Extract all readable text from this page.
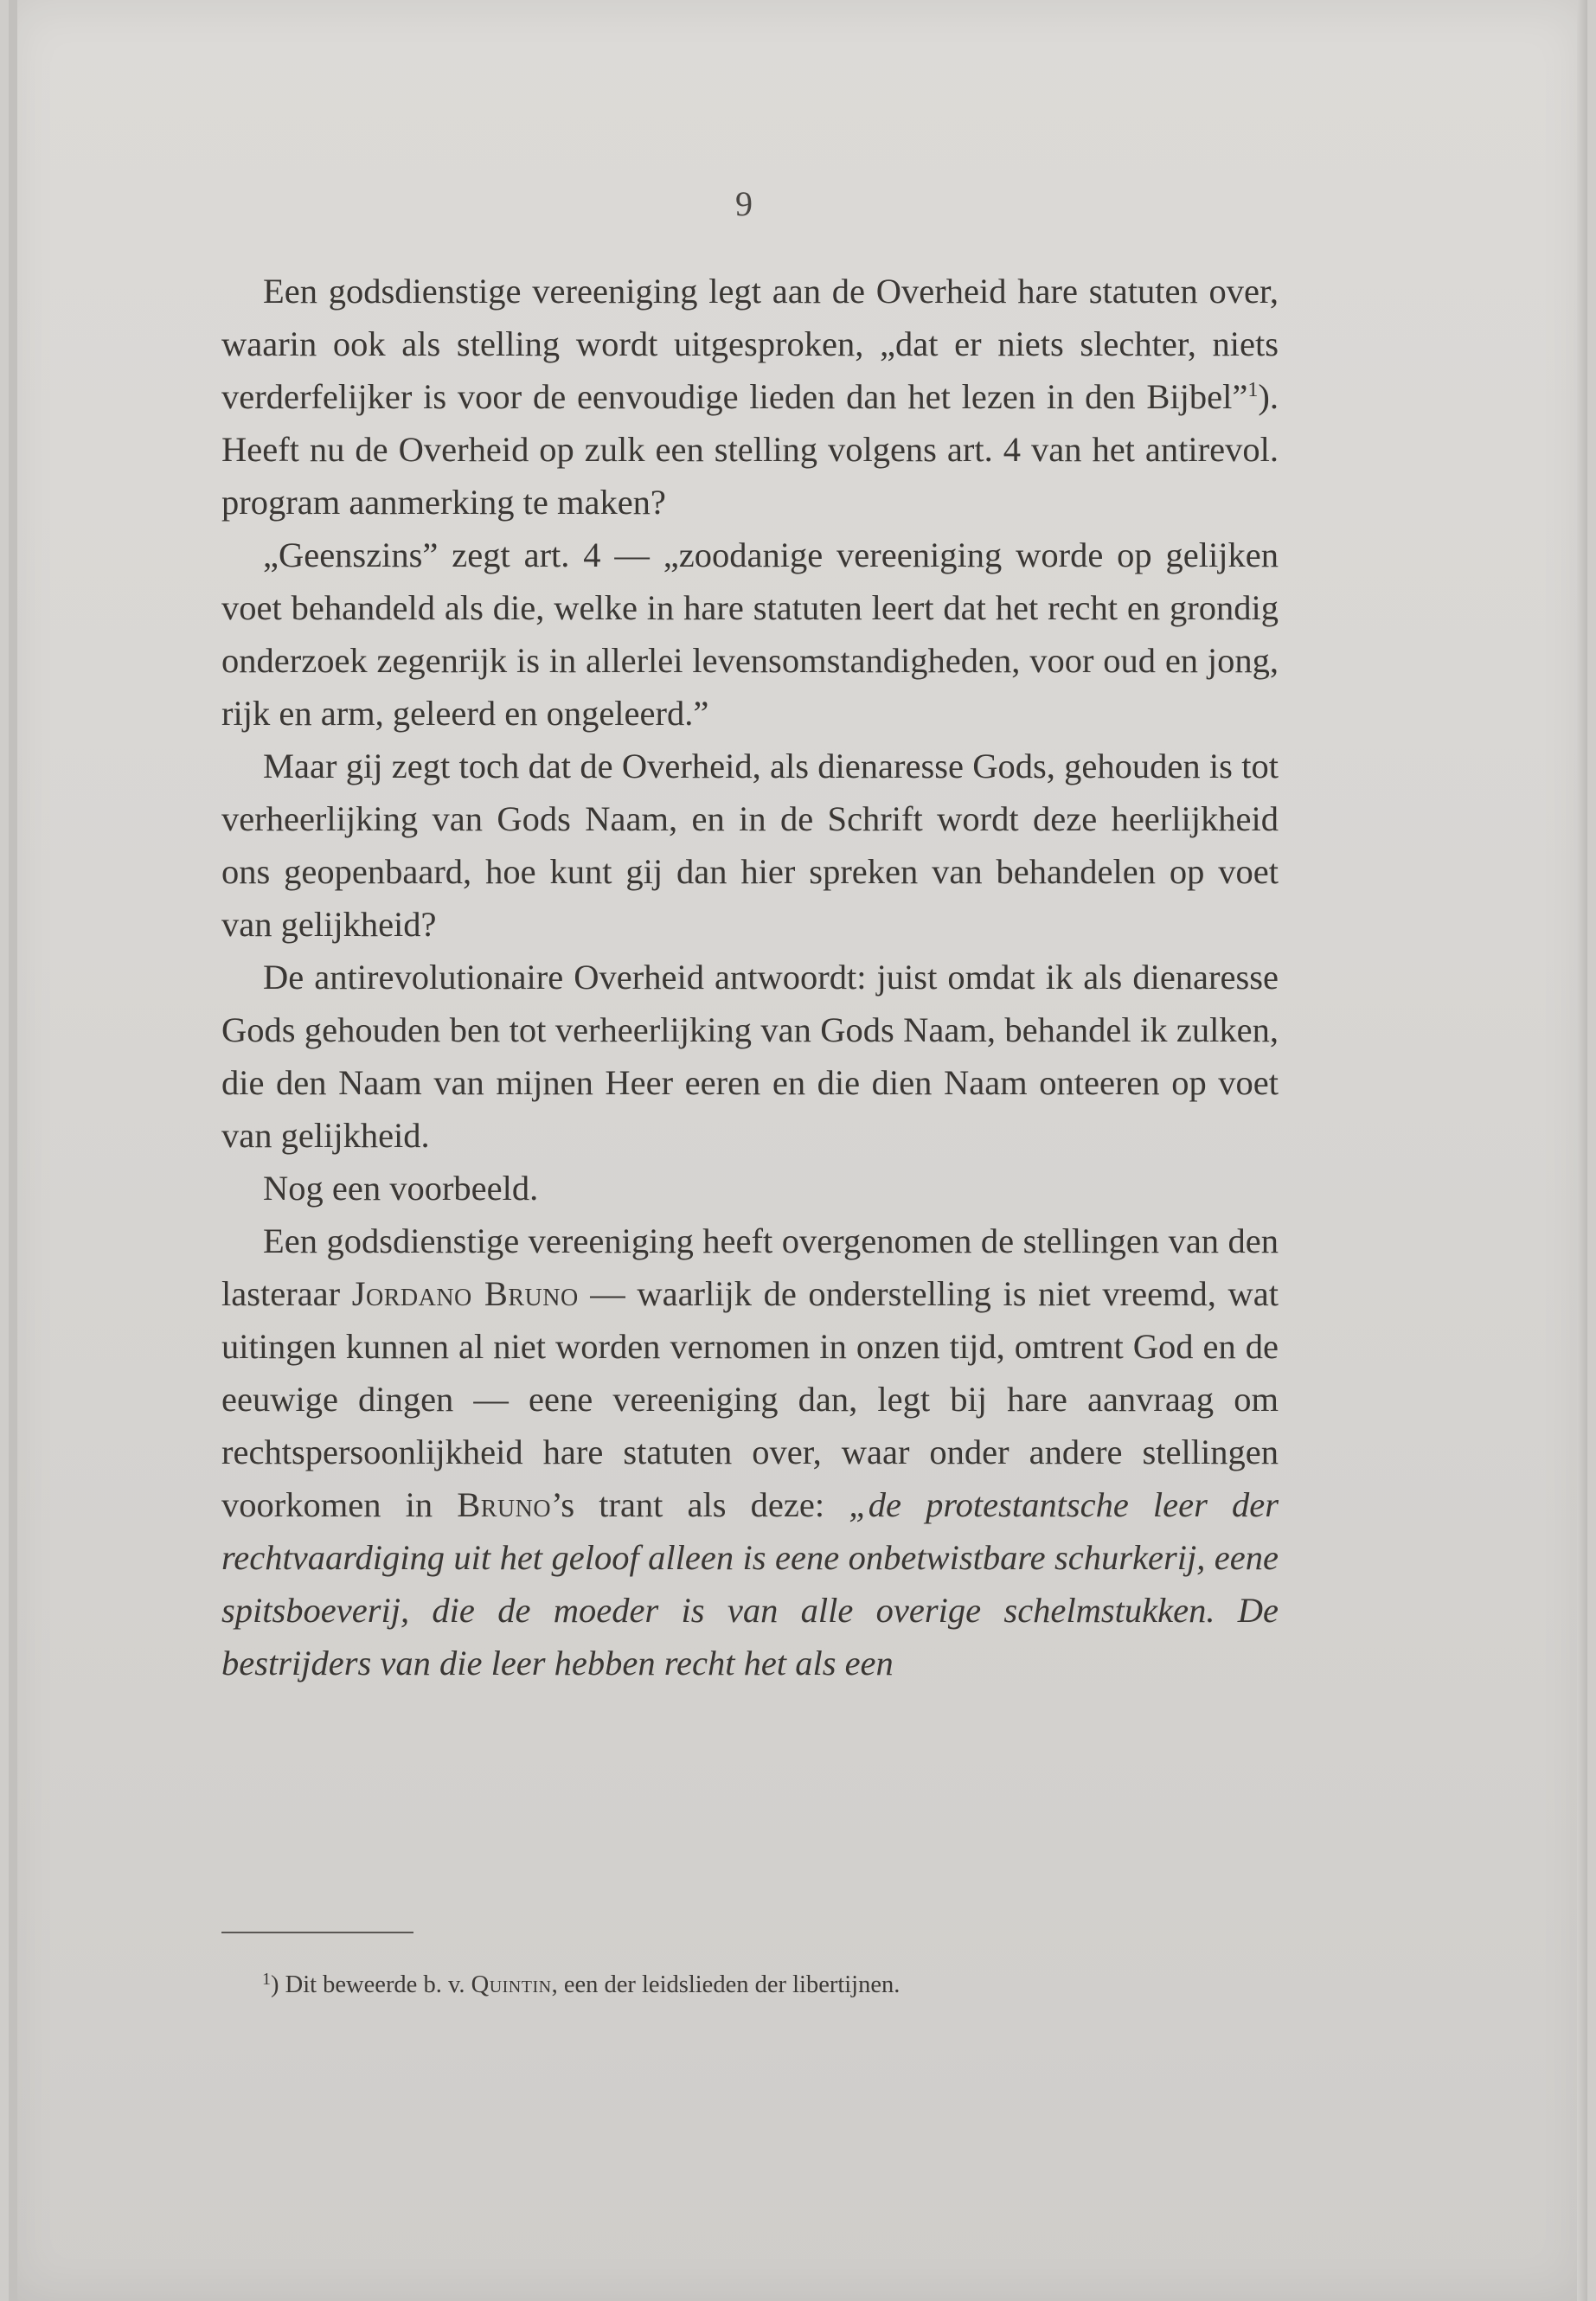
9

Een godsdienstige vereeniging legt aan de Overheid hare statuten over, waarin ook als stelling wordt uitgesproken, „dat er niets slechter, niets verderfelijker is voor de eenvoudige lieden dan het lezen in den Bijbel”$^1$). Heeft nu de Overheid op zulk een stelling volgens art. 4 van het antirevol. program aanmerking te maken?

„Geenszins” zegt art. 4 — „zoodanige vereeniging worde op gelijken voet behandeld als die, welke in hare statuten leert dat het recht en grondig onderzoek zegenrijk is in allerlei levensomstandigheden, voor oud en jong, rijk en arm, geleerd en ongeleerd.”

Maar gij zegt toch dat de Overheid, als dienaresse Gods, gehouden is tot verheerlijking van Gods Naam, en in de Schrift wordt deze heerlijkheid ons geopenbaard, hoe kunt gij dan hier spreken van behandelen op voet van gelijkheid?

De antirevolutionaire Overheid antwoordt: juist omdat ik als dienaresse Gods gehouden ben tot verheerlijking van Gods Naam, behandel ik zulken, die den Naam van mijnen Heer eeren en die dien Naam onteeren op voet van gelijkheid.

Nog een voorbeeld.

Een godsdienstige vereeniging heeft overgenomen de stellingen van den lasteraar Jordano Bruno — waarlijk de onderstelling is niet vreemd, wat uitingen kunnen al niet worden vernomen in onzen tijd, omtrent God en de eeuwige dingen — eene vereeniging dan, legt bij hare aanvraag om rechtspersoonlijkheid hare statuten over, waar onder andere stellingen voorkomen in Bruno’s trant als deze: „de protestantsche leer der rechtvaardiging uit het geloof alleen is eene onbetwistbare schurkerij, eene spitsboeverij, die de moeder is van alle overige schelmstukken. De bestrijders van die leer hebben recht het als een

$^1$) Dit beweerde b. v. Quintin, een der leidslieden der libertijnen.
